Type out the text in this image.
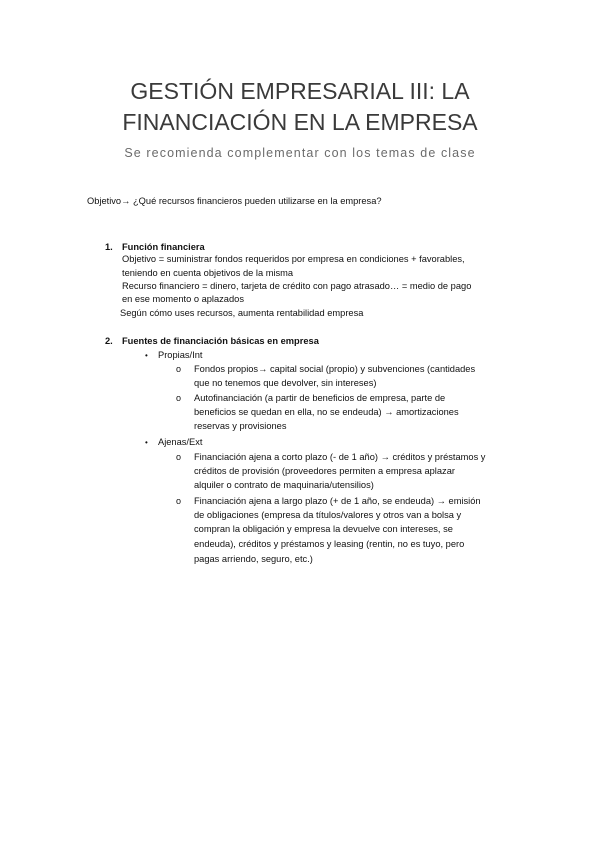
GESTIÓN EMPRESARIAL III: LA
FINANCIACIÓN EN LA EMPRESA

Se recomienda complementar con los temas de clase

Objetivo→ ¿Qué recursos financieros pueden utilizarse en la empresa?
1. Función financiera
Objetivo = suministrar fondos requeridos por empresa en condiciones + favorables,
teniendo en cuenta objetivos de la misma
Recurso financiero = dinero, tarjeta de crédito con pago atrasado… = medio de pago
en ese momento o aplazados
Según cómo uses recursos, aumenta rentabilidad empresa
2. Fuentes de financiación básicas en empresa
• Propias/Int
o Fondos propios→ capital social (propio) y subvenciones (cantidades
que no tenemos que devolver, sin intereses)
o Autofinanciación (a partir de beneficios de empresa, parte de
beneficios se quedan en ella, no se endeuda) → amortizaciones
reservas y provisiones
• Ajenas/Ext
o Financiación ajena a corto plazo (- de 1 año) → créditos y préstamos y
créditos de provisión (proveedores permiten a empresa aplazar
alquiler o contrato de maquinaria/utensilios)
o Financiación ajena a largo plazo (+ de 1 año, se endeuda) → emisión
de obligaciones (empresa da títulos/valores y otros van a bolsa y
compran la obligación y empresa la devuelve con intereses, se
endeuda), créditos y préstamos y leasing (rentin, no es tuyo, pero
pagas arriendo, seguro, etc.)
